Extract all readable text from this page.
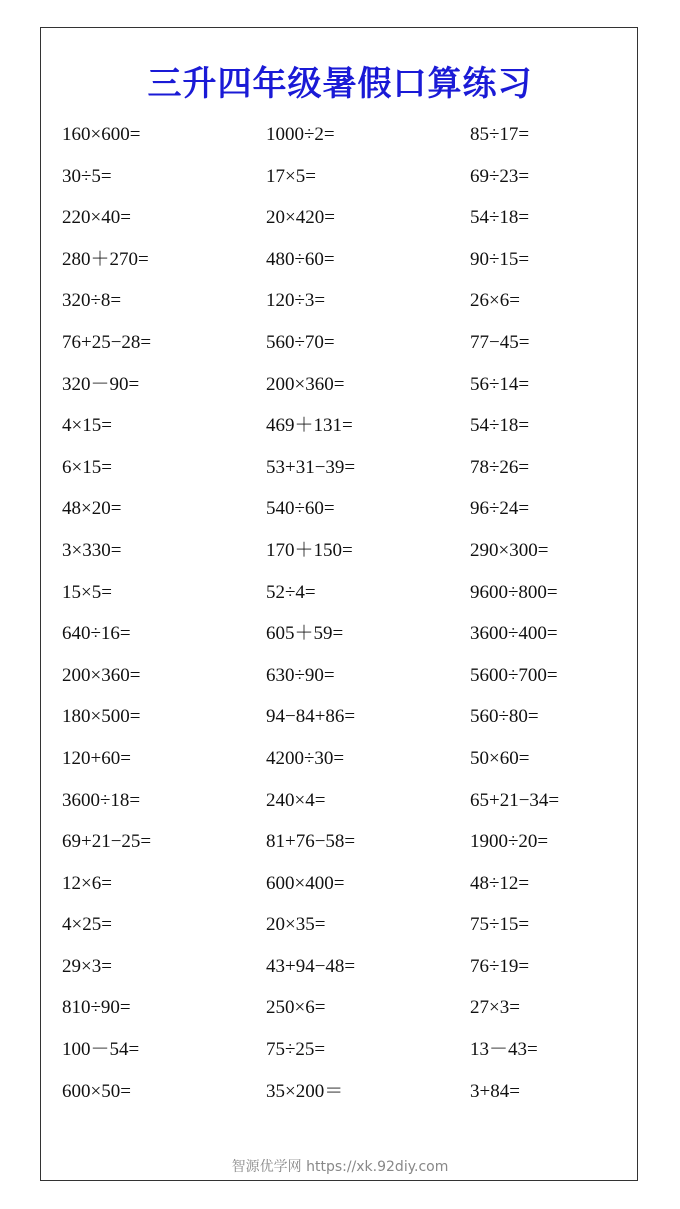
三升四年级暑假口算练习
160×600=	1000÷2=	85÷17=
30÷5=	17×5=	69÷23=
220×40=	20×420=	54÷18=
280＋270=	480÷60=	90÷15=
320÷8=	120÷3=	26×6=
76+25−28=	560÷70=	77−45=
320－90=	200×360=	56÷14=
4×15=	469＋131=	54÷18=
6×15=	53+31−39=	78÷26=
48×20=	540÷60=	96÷24=
3×330=	170＋150=	290×300=
15×5=	52÷4=	9600÷800=
640÷16=	605＋59=	3600÷400=
200×360=	630÷90=	5600÷700=
180×500=	94−84+86=	560÷80=
120+60=	4200÷30=	50×60=
3600÷18=	240×4=	65+21−34=
69+21−25=	81+76−58=	1900÷20=
12×6=	600×400=	48÷12=
4×25=	20×35=	75÷15=
29×3=	43+94−48=	76÷19=
810÷90=	250×6=	27×3=
100－54=	75÷25=	13－43=
600×50=	35×200＝	3+84=
智源优学网 https://xk.92diy.com
